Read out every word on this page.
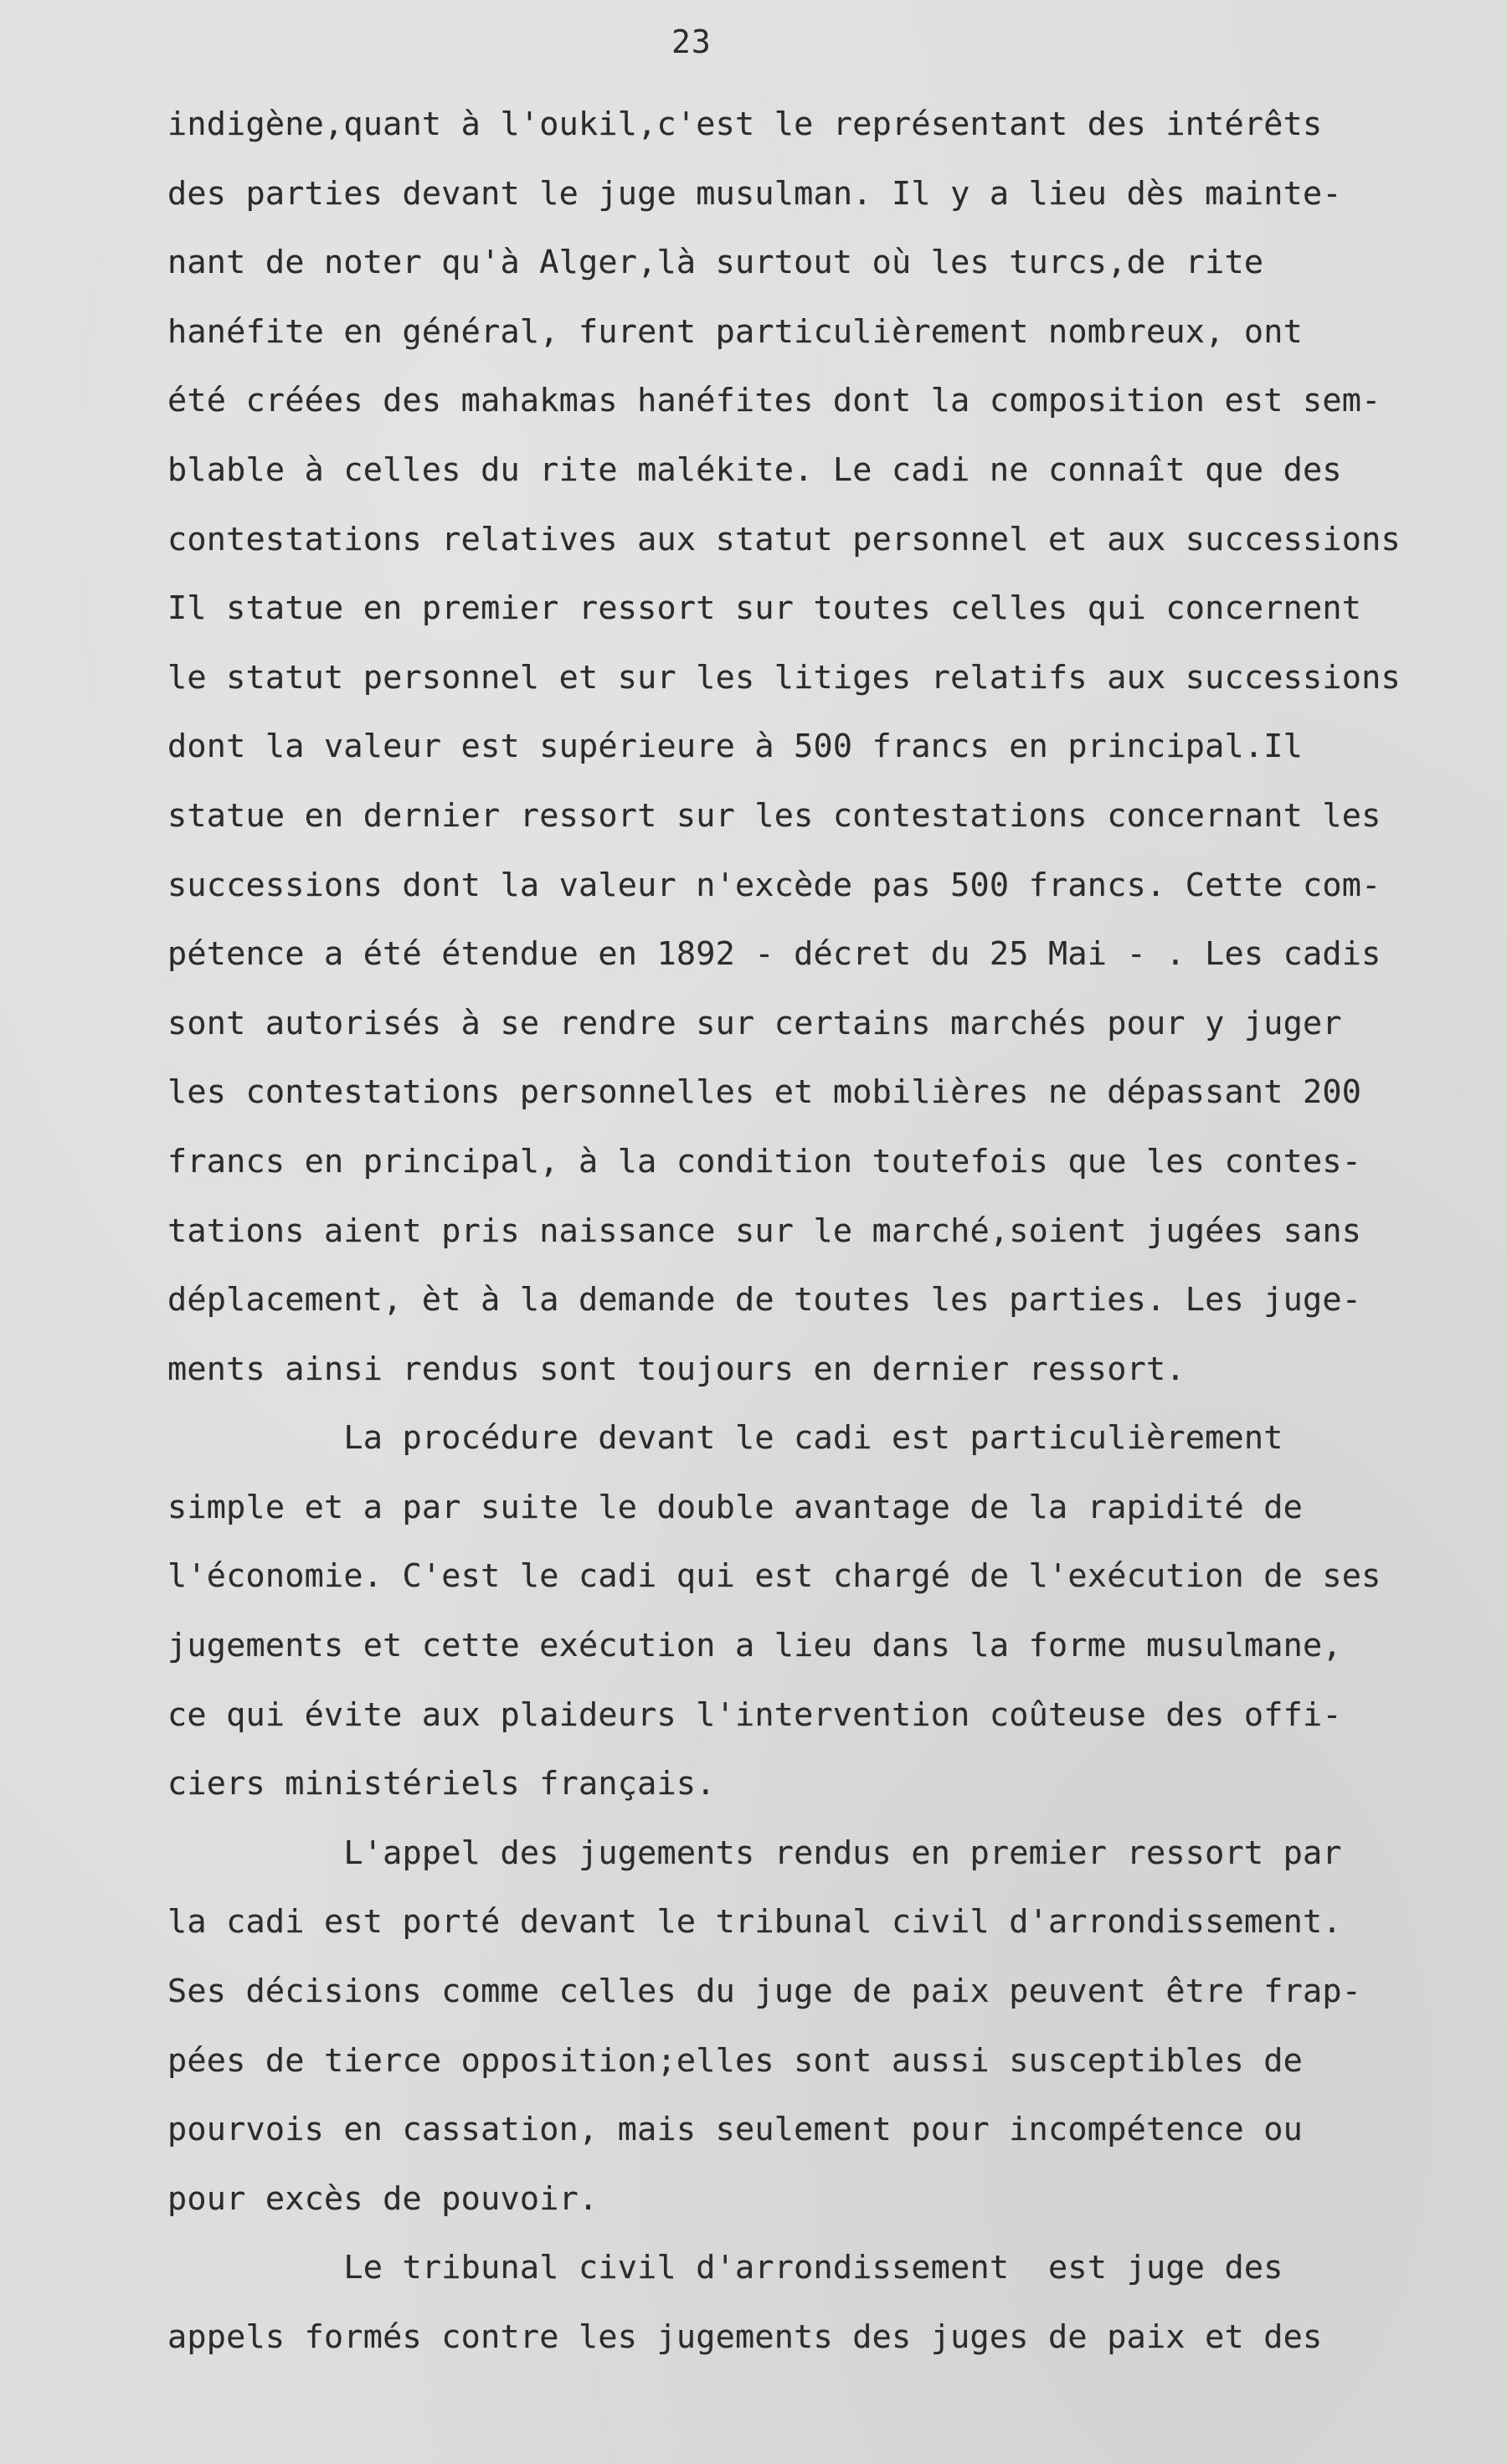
23
indigène,quant à l'oukil,c'est le représentant des intérêts
des parties devant le juge musulman. Il y a lieu dès mainte-
nant de noter qu'à Alger,là surtout où les turcs,de rite
hanéfite en général, furent particulièrement nombreux, ont
été créées des mahakmas hanéfites dont la composition est sem-
blable à celles du rite malékite. Le cadi ne connaît que des
contestations relatives aux statut personnel et aux successions
Il statue en premier ressort sur toutes celles qui concernent
le statut personnel et sur les litiges relatifs aux successions
dont la valeur est supérieure à 500 francs en principal.Il
statue en dernier ressort sur les contestations concernant les
successions dont la valeur n'excède pas 500 francs. Cette com-
pétence a été étendue en 1892 - décret du 25 Mai - . Les cadis
sont autorisés à se rendre sur certains marchés pour y juger
les contestations personnelles et mobilières ne dépassant 200
francs en principal, à la condition toutefois que les contes-
tations aient pris naissance sur le marché,soient jugées sans
déplacement, èt à la demande de toutes les parties. Les juge-
ments ainsi rendus sont toujours en dernier ressort.
La procédure devant le cadi est particulièrement
simple et a par suite le double avantage de la rapidité de
l'économie. C'est le cadi qui est chargé de l'exécution de ses
jugements et cette exécution a lieu dans la forme musulmane,
ce qui évite aux plaideurs l'intervention coûteuse des offi-
ciers ministériels français.
L'appel des jugements rendus en premier ressort par
la cadi est porté devant le tribunal civil d'arrondissement.
Ses décisions comme celles du juge de paix peuvent être frap-
pées de tierce opposition;elles sont aussi susceptibles de
pourvois en cassation, mais seulement pour incompétence ou
pour excès de pouvoir.
Le tribunal civil d'arrondissement  est juge des
appels formés contre les jugements des juges de paix et des
